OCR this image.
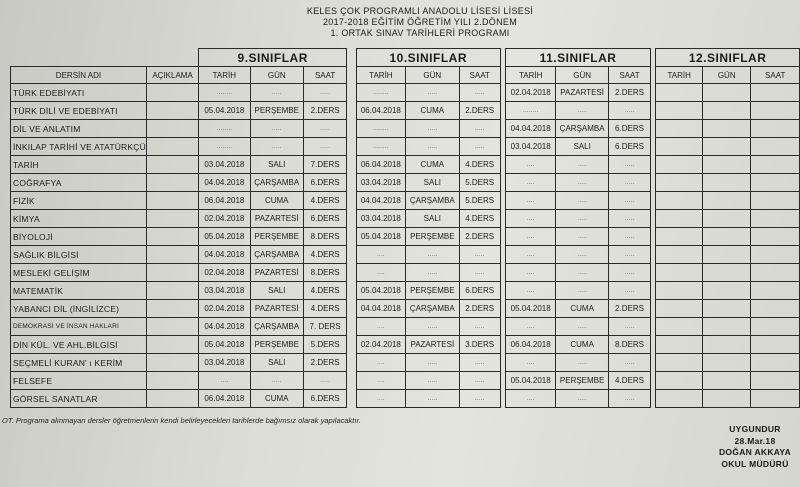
KELES ÇOK PROGRAMLI ANADOLU LİSESİ LİSESİ
2017-2018 EĞİTİM ÖĞRETİM YILI 2.DÖNEM
1. ORTAK SINAV TARİHLERİ PROGRAMI
		9.SINIFLAR				10.SINIFLAR				11.SINIFLAR				12.SINIFLAR		
DERSİN ADI	AÇIKLAMA	TARİH	GÜN	SAAT		TARİH	GÜN	SAAT		TARİH	GÜN	SAAT		TARİH	GÜN	SAAT
TÜRK EDEBİYATI		........	.....	.....		........	.....	.....		02.04.2018	PAZARTESİ	2.DERS				
TÜRK DİLİ VE EDEBİYATI		05.04.2018	PERŞEMBE	2.DERS		06.04.2018	CUMA	2.DERS		........	.....	.....				
DİL VE ANLATIM		........	.....	.....		........	.....	.....		04.04.2018	ÇARŞAMBA	6.DERS				
İNKILAP TARİHİ VE ATATÜRKÇÜ		........	.....	.....		........	.....	.....		03.04.2018	SALI	6.DERS				
TARİH		03.04.2018	SALI	7.DERS		06.04.2018	CUMA	4.DERS		....	.....	.....				
COĞRAFYA		04.04.2018	ÇARŞAMBA	6.DERS		03.04.2018	SALI	5.DERS		....	.....	.....				
FİZİK		06.04.2018	CUMA	4.DERS		04.04.2018	ÇARŞAMBA	5.DERS		....	.....	.....				
KİMYA		02.04.2018	PAZARTESİ	6.DERS		03.04.2018	SALI	4.DERS		....	.....	.....				
BİYOLOJİ		05.04.2018	PERŞEMBE	8.DERS		05.04.2018	PERŞEMBE	2.DERS		....	.....	.....				
SAĞLIK BİLGİSİ		04.04.2018	ÇARŞAMBA	4.DERS		....	.....	.....		....	.....	.....				
MESLEKİ GELİŞİM		02.04.2018	PAZARTESİ	8.DERS		....	.....	.....		....	.....	.....				
MATEMATİK		03.04.2018	SALI	4.DERS		05.04.2018	PERŞEMBE	6.DERS		....	.....	.....				
YABANCI DİL (İNGİLİZCE)		02.04.2018	PAZARTESİ	4.DERS		04.04.2018	ÇARŞAMBA	2.DERS		05.04.2018	CUMA	2.DERS				
DEMOKRASİ VE İNSAN HAKLARI		04.04.2018	ÇARŞAMBA	7. DERS		....	.....	.....		....	.....	.....				
DİN KÜL. VE AHL.BİLGİSİ		05.04.2018	PERŞEMBE	5.DERS		02.04.2018	PAZARTESİ	3.DERS		06.04.2018	CUMA	8.DERS				
SEÇMELİ KURAN' ı KERİM		03.04.2018	SALI	2.DERS		....	.....	.....		....	.....	.....				
FELSEFE		....	.....	.....		....	.....	.....		05.04.2018	PERŞEMBE	4.DERS				
GÖRSEL SANATLAR		06.04.2018	CUMA	6.DERS		....	.....	.....		....	.....	.....				
OT. Programa alınmayan dersler öğretmenlerin kendi belirleyecekleri tarihlerde bağımsız olarak yapılacaktır.
UYGUNDUR
28.Mar.18
DOĞAN AKKAYA
OKUL MÜDÜRÜ
